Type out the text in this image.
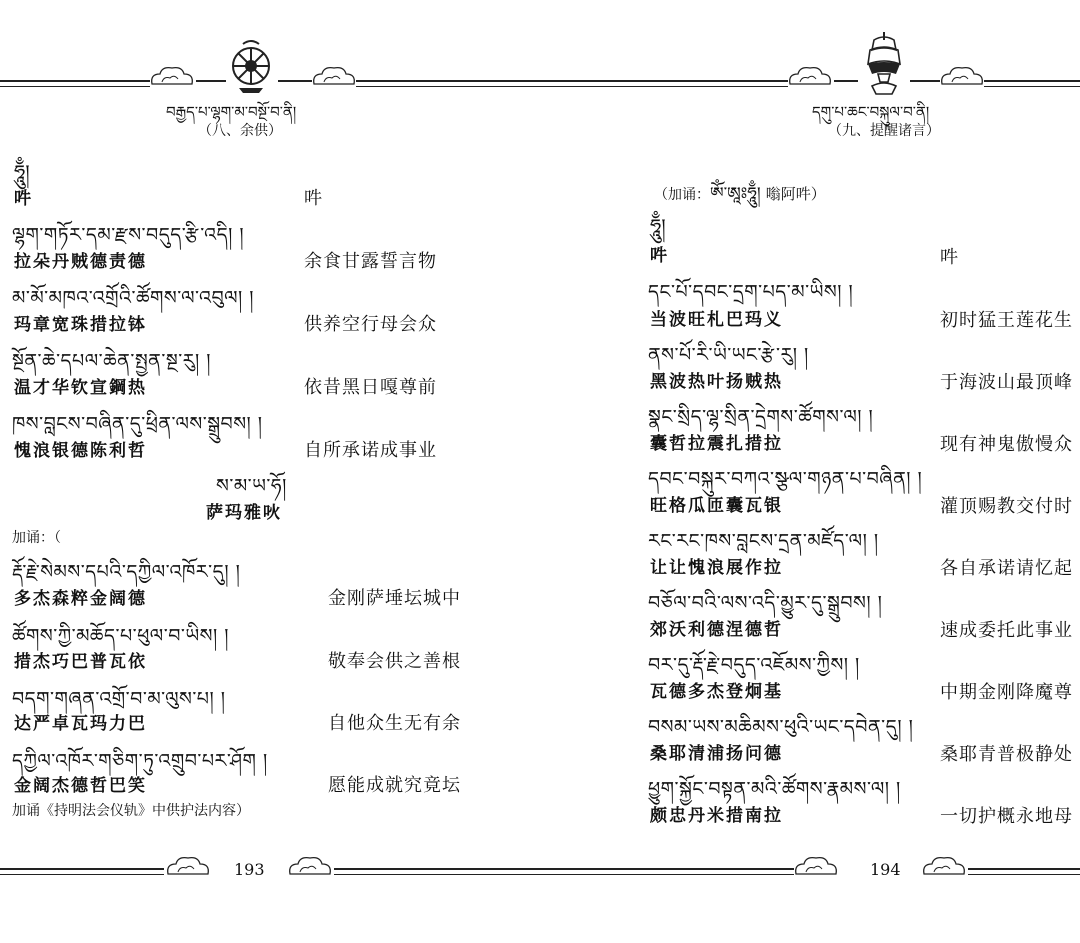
བརྒྱད་པ་ལྷག་མ་བསྔོ་བ་ནི།
（八、余供）
ཧཱུྃ།
吽	吽
ལྷག་གཏོར་དམ་རྫས་བདུད་རྩི་འདི། །
拉朵丹贼德责德	余食甘露誓言物
མ་མོ་མཁའ་འགྲོའི་ཚོགས་ལ་འབུལ། །
玛章宽珠措拉钵	供养空行母会众
སྔོན་ཆེ་དཔལ་ཆེན་སྤྱན་སྔ་རུ། །
温才华钦宣鋼热	依昔黑日嘎尊前
ཁས་བླངས་བཞིན་དུ་ཕྲིན་ལས་སྒྲུབས། །
愧浪银德陈利哲	自所承诺成事业
ས་མ་ཡ་ཧོ།
萨玛雅吙
加诵：（
རྡོ་རྗེ་སེམས་དཔའི་དཀྱིལ་འཁོར་དུ། །
多杰森粹金阔德	金刚萨埵坛城中
ཚོགས་ཀྱི་མཆོད་པ་ཕུལ་བ་ཡིས། །
措杰巧巴普瓦依	敬奉会供之善根
བདག་གཞན་འགྲོ་བ་མ་ལུས་པ། །
达严卓瓦玛力巴	自他众生无有余
དཀྱིལ་འཁོར་གཅིག་ཏུ་འགྲུབ་པར་ཤོག །
金阔杰德哲巴笑	愿能成就究竟坛
加诵《持明法会仪轨》中供护法内容）
193
དགུ་པ་ཆང་བསྐུལ་བ་ནི།
（九、提醒诸言）
（加诵：ཨོཾ་ཨཱཿཧཱུྃ། 嗡阿吽）
ཧཱུྃ།
吽	吽
དང་པོ་དབང་དྲག་པད་མ་ཡིས། །
当波旺札巴玛义	初时猛王莲花生
ནས་པོ་རི་ཡི་ཡང་རྩེ་རུ། །
黑波热叶扬贼热	于海波山最顶峰
སྣང་སྲིད་ལྷ་སྲིན་དྲེགས་ཚོགས་ལ། །
囊哲拉震扎措拉	现有神鬼傲慢众
དབང་བསྐུར་བཀའ་སྩལ་གཉན་པ་བཞིན། །
旺格瓜匝囊瓦银	灌顶赐教交付时
རང་རང་ཁས་བླངས་དྲན་མཛོད་ལ། །
让让愧浪展作拉	各自承诺请忆起
བཅོལ་བའི་ལས་འདི་མྱུར་དུ་སྒྲུབས། །
郊沃利德涅德哲	速成委托此事业
བར་དུ་རྡོ་རྗེ་བདུད་འཇོམས་ཀྱིས། །
瓦德多杰登炯基	中期金刚降魔尊
བསམ་ཡས་མཆིམས་ཕུའི་ཡང་དབེན་དུ། །
桑耶清浦扬问德	桑耶青普极静处
ཕྱུག་སྐྱོང་བསྟན་མའི་ཚོགས་རྣམས་ལ། །
颇忠丹米措南拉	一切护概永地母
194
